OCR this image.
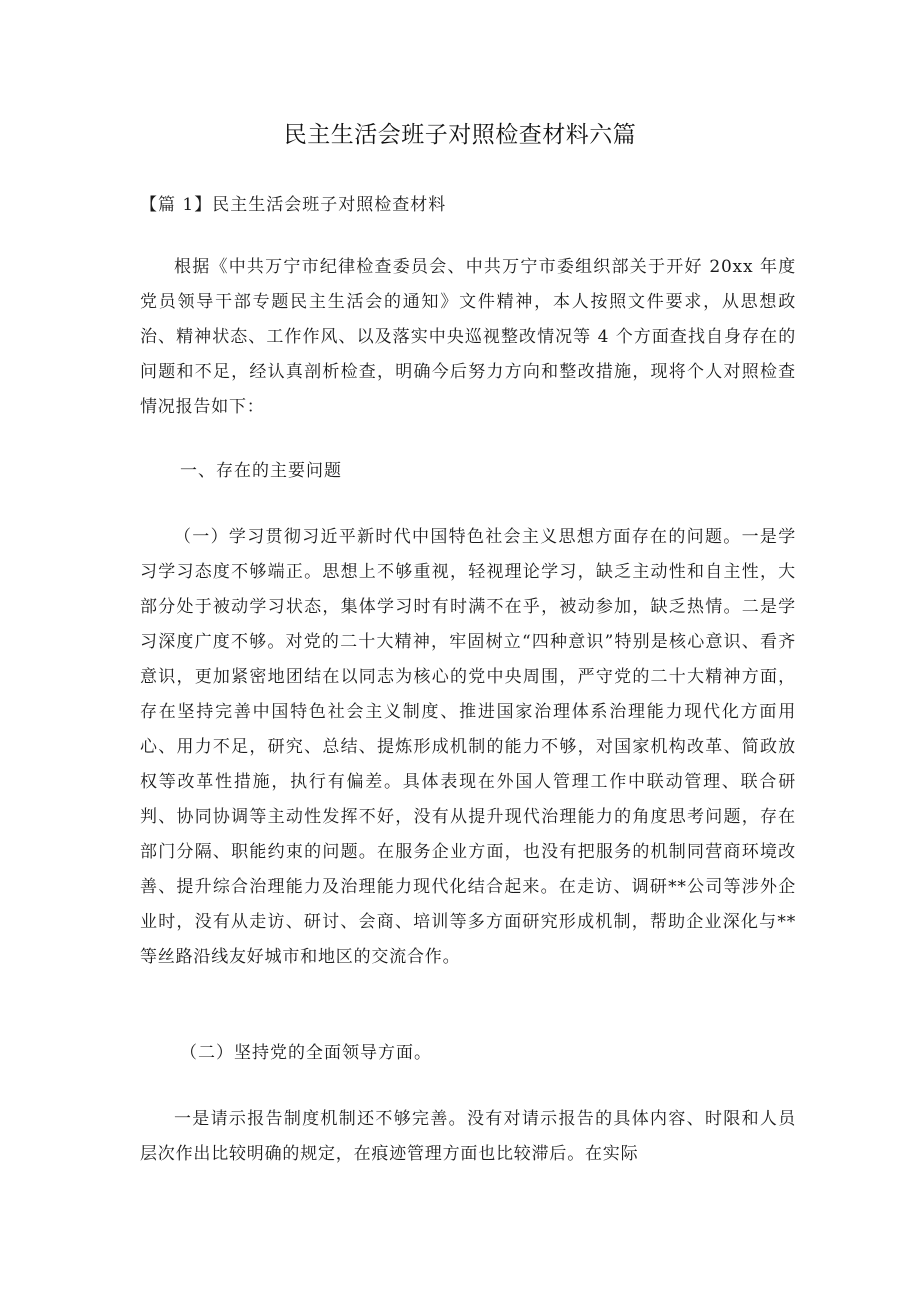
民主生活会班子对照检查材料六篇
【篇 1】民主生活会班子对照检查材料

根据《中共万宁市纪律检查委员会、中共万宁市委组织部关于开好 20xx 年度党员领导干部专题民主生活会的通知》文件精神，本人按照文件要求，从思想政治、精神状态、工作作风、以及落实中央巡视整改情况等 4 个方面查找自身存在的问题和不足，经认真剖析检查，明确今后努力方向和整改措施，现将个人对照检查情况报告如下：

一、存在的主要问题

（一）学习贯彻习近平新时代中国特色社会主义思想方面存在的问题。一是学习学习态度不够端正。思想上不够重视，轻视理论学习，缺乏主动性和自主性，大部分处于被动学习状态，集体学习时有时满不在乎，被动参加，缺乏热情。二是学习深度广度不够。对党的二十大精神，牢固树立“四种意识”特别是核心意识、看齐意识，更加紧密地团结在以同志为核心的党中央周围，严守党的二十大精神方面，存在坚持完善中国特色社会主义制度、推进国家治理体系治理能力现代化方面用心、用力不足，研究、总结、提炼形成机制的能力不够，对国家机构改革、简政放权等改革性措施，执行有偏差。具体表现在外国人管理工作中联动管理、联合研判、协同协调等主动性发挥不好，没有从提升现代治理能力的角度思考问题，存在部门分隔、职能约束的问题。在服务企业方面，也没有把服务的机制同营商环境改善、提升综合治理能力及治理能力现代化结合起来。在走访、调研**公司等涉外企业时，没有从走访、研讨、会商、培训等多方面研究形成机制，帮助企业深化与**等丝路沿线友好城市和地区的交流合作。

（二）坚持党的全面领导方面。

一是请示报告制度机制还不够完善。没有对请示报告的具体内容、时限和人员层次作出比较明确的规定，在痕迹管理方面也比较滞后。在实际
